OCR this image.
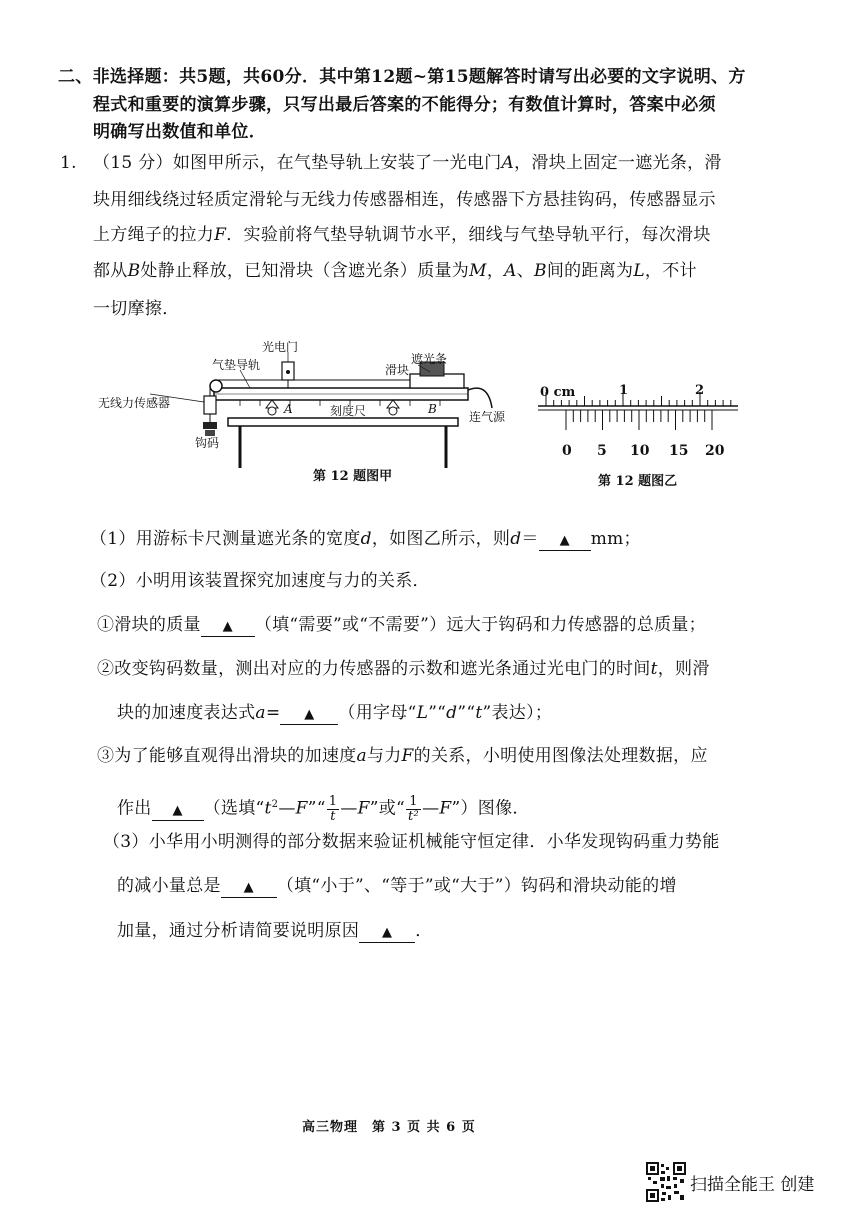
二、非选择题：共5题，共60分．其中第12题~第15题解答时请写出必要的文字说明、方
程式和重要的演算步骤，只写出最后答案的不能得分；有数值计算时，答案中必须
明确写出数值和单位．
1. （15 分）如图甲所示，在气垫导轨上安装了一光电门A，滑块上固定一遮光条，滑
块用细线绕过轻质定滑轮与无线力传感器相连，传感器下方悬挂钩码，传感器显示
上方绳子的拉力F．实验前将气垫导轨调节水平，细线与气垫导轨平行，每次滑块
都从B处静止释放，已知滑块（含遮光条）质量为M，A、B间的距离为L，不计
一切摩擦．
光电门
气垫导轨	遮光条
滑块
无线力传感器
钩码
A	刻度尺	B
连气源
第 12 题图甲
0 cm	1	2
0 5 10 15 20
第 12 题图乙
（1）用游标卡尺测量遮光条的宽度d，如图乙所示，则d＝ ▲ mm；
（2）小明用该装置探究加速度与力的关系．
①滑块的质量 ▲ （填“需要”或“不需要”）远大于钩码和力传感器的总质量；
②改变钩码数量，测出对应的力传感器的示数和遮光条通过光电门的时间t，则滑
块的加速度表达式a= ▲ （用字母“L”“d”“t”表达）；
③为了能够直观得出滑块的加速度a与力F的关系，小明使用图像法处理数据，应
作出 ▲ （选填“$t^2—F”“ \frac{1}{t}$ —F”或“ $\frac{1}{\text{t²}}$ —F”）图像．
（3）小华用小明测得的部分数据来验证机械能守恒定律．小华发现钩码重力势能
的减小量总是 ▲ （填“小于”、“等于”或“大于”）钩码和滑块动能的增
加量，通过分析请简要说明原因 ▲ ．
高三物理　第 3 页 共 6 页
扫描全能王 创建
